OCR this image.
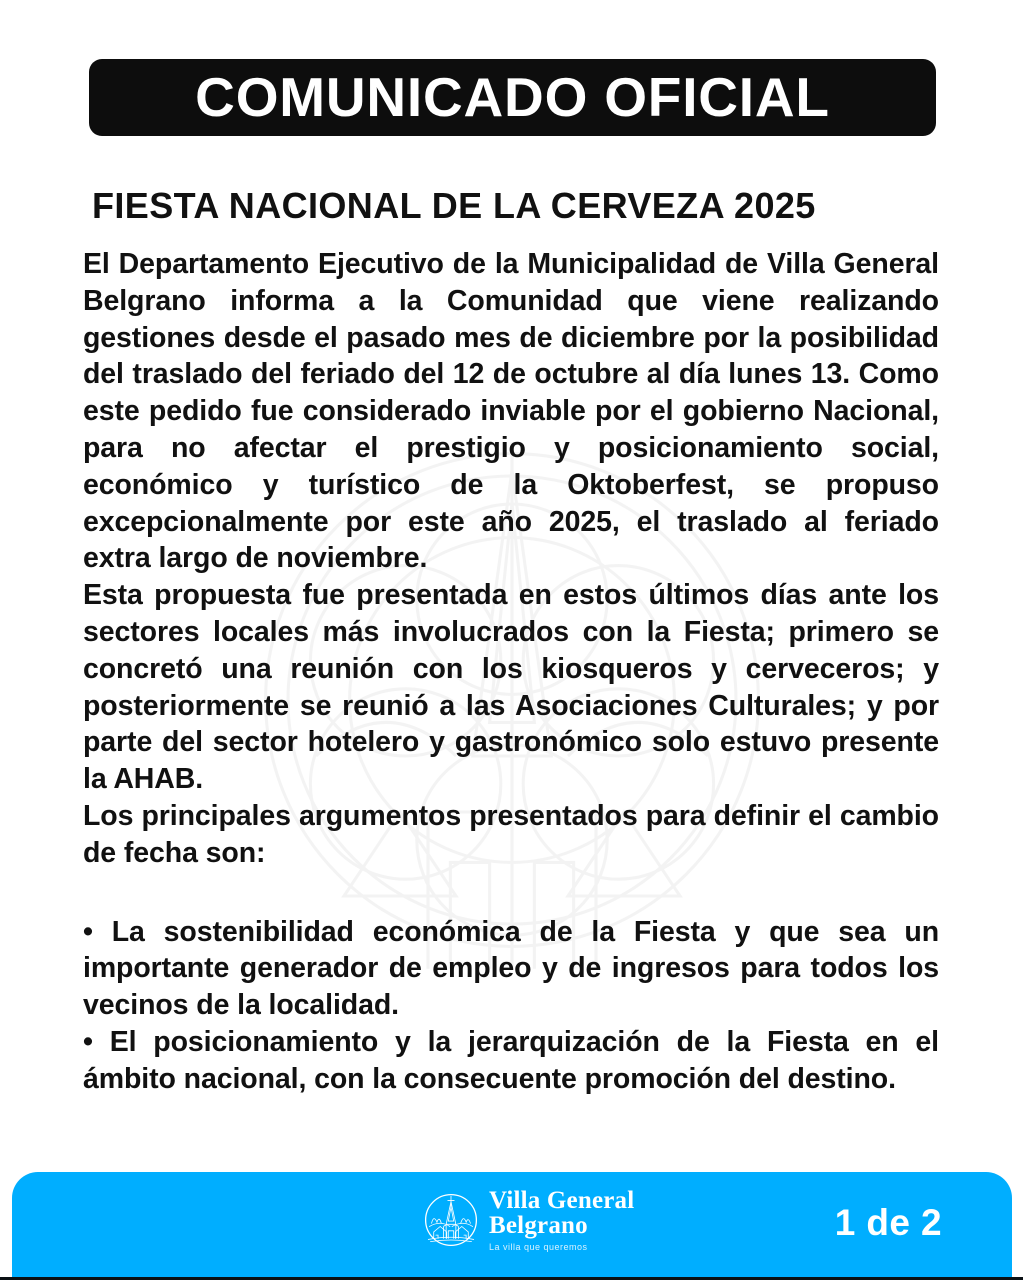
COMUNICADO OFICIAL
FIESTA NACIONAL DE LA CERVEZA 2025

El Departamento Ejecutivo de la Municipalidad de Villa General Belgrano informa a la Comunidad que viene realizando gestiones desde el pasado mes de diciembre por la posibilidad del traslado del feriado del 12 de octubre al día lunes 13. Como este pedido fue considerado inviable por el gobierno Nacional, para no afectar el prestigio y posicionamiento social, económico y turístico de la Oktoberfest, se propuso excepcionalmente por este año 2025, el traslado al feriado extra largo de noviembre.

Esta propuesta fue presentada en estos últimos días ante los sectores locales más involucrados con la Fiesta; primero se concretó una reunión con los kiosqueros y cerveceros; y posteriormente se reunió a las Asociaciones Culturales; y por parte del sector hotelero y gastronómico solo estuvo presente la AHAB.

Los principales argumentos presentados para definir el cambio de fecha son:

• La sostenibilidad económica de la Fiesta y que sea un importante generador de empleo y de ingresos para todos los vecinos de la localidad.

• El posicionamiento y la jerarquización de la Fiesta en el ámbito nacional, con la consecuente promoción del destino.

Villa General
Belgrano
La villa que queremos
1 de 2
